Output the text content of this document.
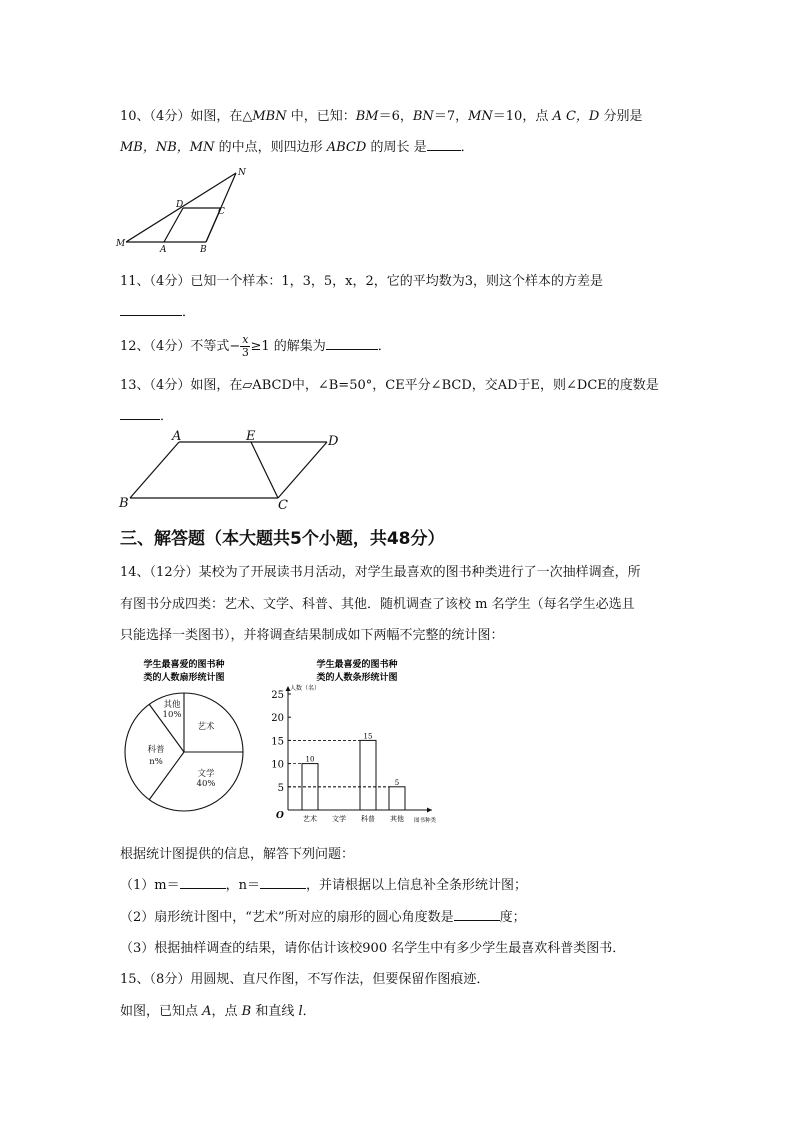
10、（4分）如图，在△MBN 中，已知：BM＝6，BN＝7，MN＝10，点 A C，D 分别是
MB，NB，MN 的中点，则四边形 ABCD 的周长 是	．
N
D
C
M
A	B
11、（4分）已知一个样本：1，3，5，x，2，它的平均数为3，则这个样本的方差是
．
12、（4分）不等式− $\frac{x}{3} \ge 1$ 的解集为	．
13、（4分）如图，在▱ABCD中，∠B=50°，CE平分∠BCD，交AD于E，则∠DCE的度数是
．
A	E	D
B	C
三、解答题（本大题共5个小题，共48分）
14、（12分）某校为了开展读书月活动，对学生最喜欢的图书种类进行了一次抽样调查，所
有图书分成四类：艺术、文学、科普、其他．随机调查了该校 m 名学生（每名学生必选且
只能选择一类图书），并将调查结果制成如下两幅不完整的统计图：
学生最喜爱的图书种
类的人数扇形统计图
其他
10%
艺术
文学
40%
科普
n%
学生最喜爱的图书种
类的人数条形统计图
人数（名）
图书种类
O
5
10
15
20
25
10
艺术 文学
15
科普
5
其他
根据统计图提供的信息，解答下列问题：
（1）m＝	，n＝	，并请根据以上信息补全条形统计图；
（2）扇形统计图中，“艺术”所对应的扇形的圆心角度数是	度；
（3）根据抽样调查的结果，请你估计该校900 名学生中有多少学生最喜欢科普类图书．
15、（8分）用圆规、直尺作图，不写作法，但要保留作图痕迹．
如图，已知点 A，点 B 和直线 l．
